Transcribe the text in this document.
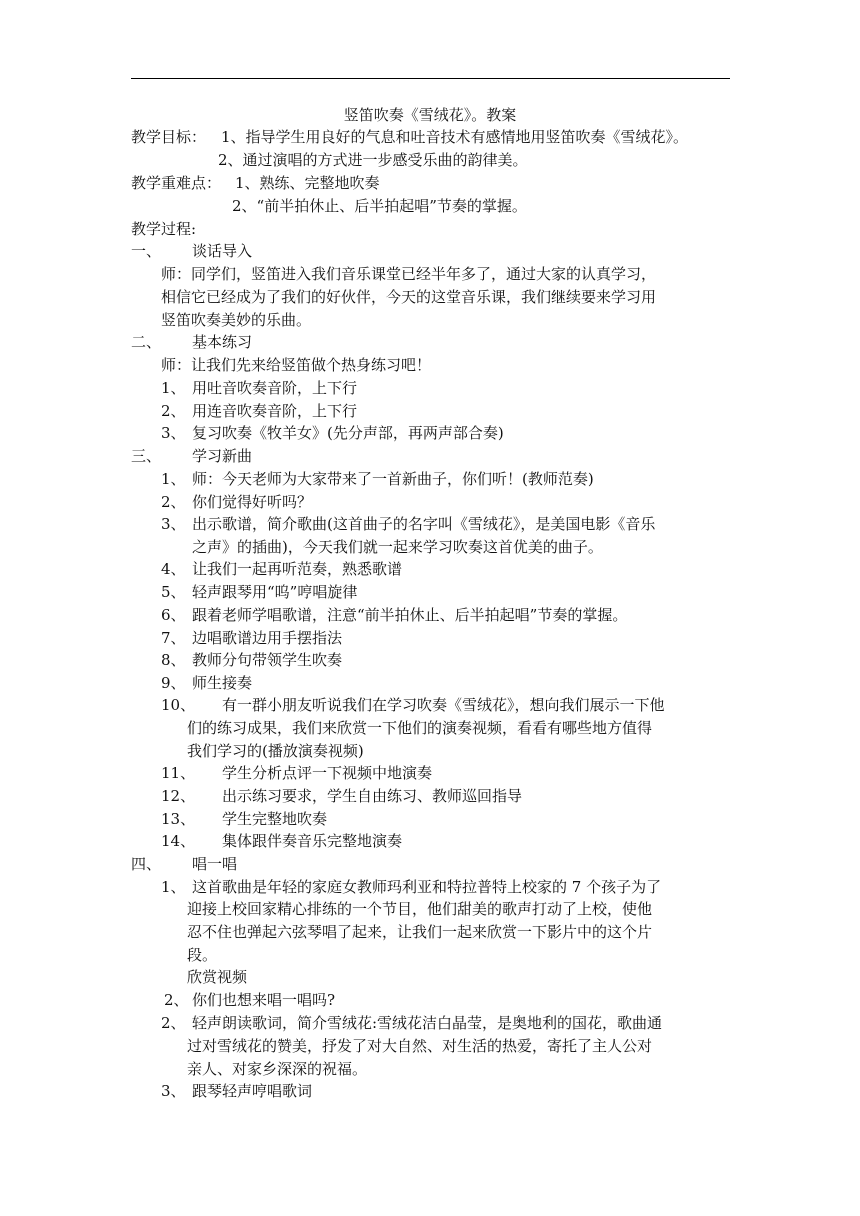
竖笛吹奏《雪绒花》。教案
教学目标： 1、指导学生用良好的气息和吐音技术有感情地用竖笛吹奏《雪绒花》。
2、通过演唱的方式进一步感受乐曲的韵律美。
教学重难点： 1、熟练、完整地吹奏
2、“前半拍休止、后半拍起唱”节奏的掌握。
教学过程:
一、 谈话导入
师：同学们，竖笛进入我们音乐课堂已经半年多了，通过大家的认真学习，
相信它已经成为了我们的好伙伴，今天的这堂音乐课，我们继续要来学习用
竖笛吹奏美妙的乐曲。
二、 基本练习
师：让我们先来给竖笛做个热身练习吧！
1、 用吐音吹奏音阶，上下行
2、 用连音吹奏音阶，上下行
3、 复习吹奏《牧羊女》(先分声部，再两声部合奏)
三、 学习新曲
1、 师：今天老师为大家带来了一首新曲子，你们听！(教师范奏)
2、 你们觉得好听吗？
3、 出示歌谱，简介歌曲(这首曲子的名字叫《雪绒花》，是美国电影《音乐
之声》的插曲)，今天我们就一起来学习吹奏这首优美的曲子。
4、 让我们一起再听范奏，熟悉歌谱
5、 轻声跟琴用“呜”哼唱旋律
6、 跟着老师学唱歌谱，注意“前半拍休止、后半拍起唱”节奏的掌握。
7、 边唱歌谱边用手摆指法
8、 教师分句带领学生吹奏
9、 师生接奏
10、 有一群小朋友听说我们在学习吹奏《雪绒花》，想向我们展示一下他
们的练习成果，我们来欣赏一下他们的演奏视频，看看有哪些地方值得
我们学习的(播放演奏视频)
11、 学生分析点评一下视频中地演奏
12、 出示练习要求，学生自由练习、教师巡回指导
13、 学生完整地吹奏
14、 集体跟伴奏音乐完整地演奏
四、 唱一唱
1、 这首歌曲是年轻的家庭女教师玛利亚和特拉普特上校家的 7 个孩子为了
迎接上校回家精心排练的一个节目，他们甜美的歌声打动了上校，使他
忍不住也弹起六弦琴唱了起来，让我们一起来欣赏一下影片中的这个片
段。
欣赏视频
2、 你们也想来唱一唱吗?
2、 轻声朗读歌词，简介雪绒花:雪绒花洁白晶莹，是奥地利的国花，歌曲通
过对雪绒花的赞美，抒发了对大自然、对生活的热爱，寄托了主人公对
亲人、对家乡深深的祝福。
3、 跟琴轻声哼唱歌词
